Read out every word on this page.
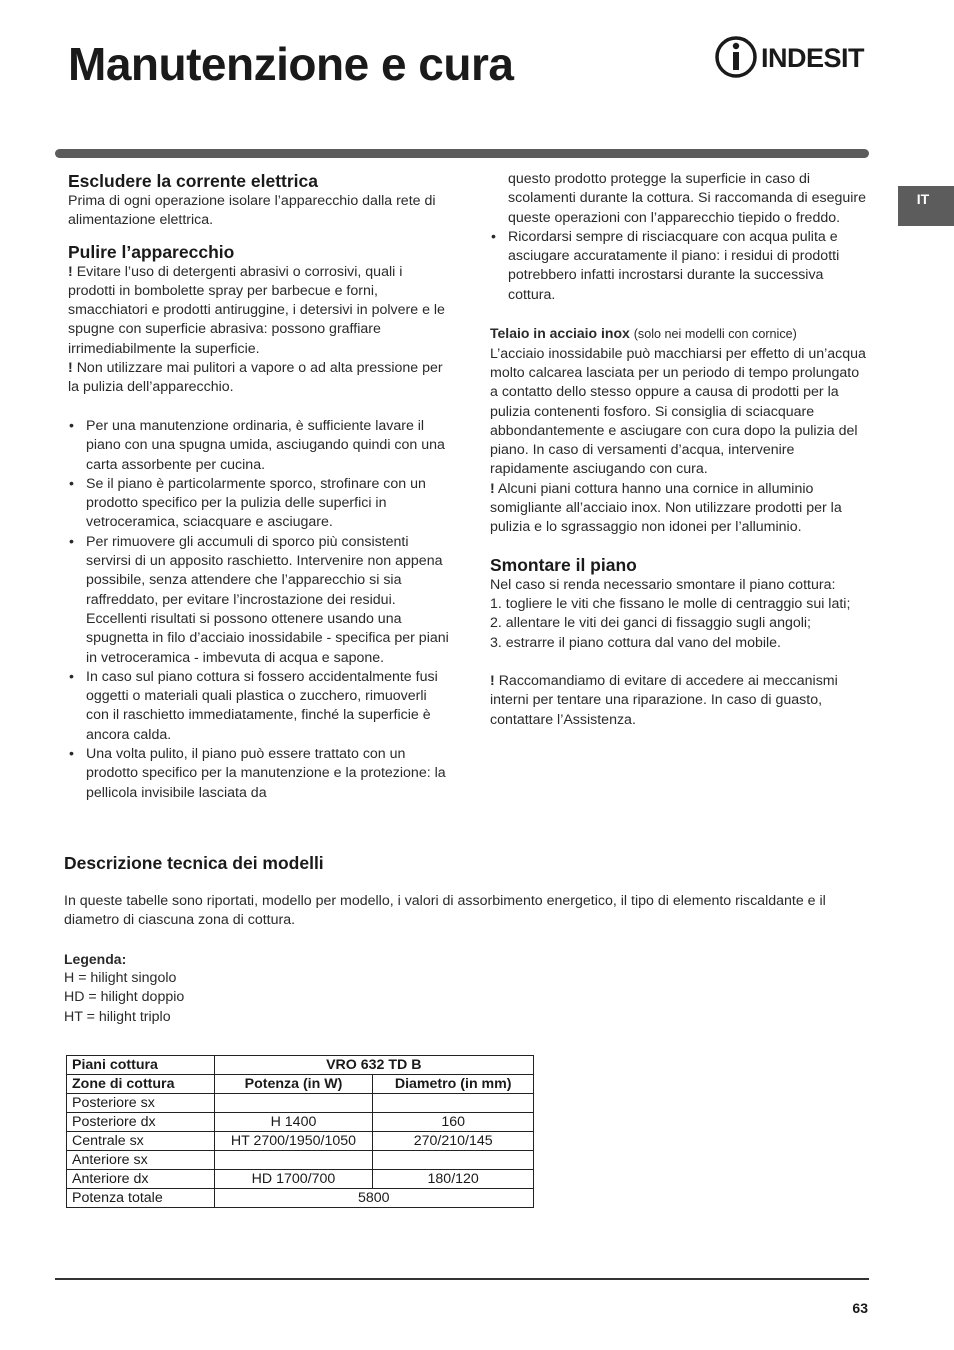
Manutenzione e cura	INDESIT
IT
Escludere la corrente elettrica

Prima di ogni operazione isolare l’apparecchio dalla rete di alimentazione elettrica.

Pulire l’apparecchio

! Evitare l’uso di detergenti abrasivi o corrosivi, quali i prodotti in bombolette spray per barbecue e forni, smacchiatori e prodotti antiruggine, i detersivi in polvere e le spugne con superficie abrasiva: possono graffiare irrimediabilmente la superficie.

! Non utilizzare mai pulitori a vapore o ad alta pressione per la pulizia dell’apparecchio.

• Per una manutenzione ordinaria, è sufficiente lavare il piano con una spugna umida, asciugando quindi con una carta assorbente per cucina.
• Se il piano è particolarmente sporco, strofinare con un prodotto specifico per la pulizia delle superfici in vetroceramica, sciacquare e asciugare.
• Per rimuovere gli accumuli di sporco più consistenti servirsi di un apposito raschietto. Intervenire non appena possibile, senza attendere che l’apparecchio si sia raffreddato, per evitare l’incrostazione dei residui. Eccellenti risultati si possono ottenere usando una spugnetta in filo d’acciaio inossidabile - specifica per piani in vetroceramica - imbevuta di acqua e sapone.
• In caso sul piano cottura si fossero accidentalmente fusi oggetti o materiali quali plastica o zucchero, rimuoverli con il raschietto immediatamente, finché la superficie è ancora calda.
• Una volta pulito, il piano può essere trattato con un prodotto specifico per la manutenzione e la protezione: la pellicola invisibile lasciata da

questo prodotto protegge la superficie in caso di scolamenti durante la cottura. Si raccomanda di eseguire queste operazioni con l’apparecchio tiepido o freddo.

• Ricordarsi sempre di risciacquare con acqua pulita e asciugare accuratamente il piano: i residui di prodotti potrebbero infatti incrostarsi durante la successiva cottura.

Telaio in acciaio inox (solo nei modelli con cornice)

L’acciaio inossidabile può macchiarsi per effetto di un’acqua molto calcarea lasciata per un periodo di tempo prolungato a contatto dello stesso oppure a causa di prodotti per la pulizia contenenti fosforo. Si consiglia di sciacquare abbondantemente e asciugare con cura dopo la pulizia del piano. In caso di versamenti d’acqua, intervenire rapidamente asciugando con cura.

! Alcuni piani cottura hanno una cornice in alluminio somigliante all’acciaio inox. Non utilizzare prodotti per la pulizia e lo sgrassaggio non idonei per l’alluminio.

Smontare il piano

Nel caso si renda necessario smontare il piano cottura:

1. togliere le viti che fissano le molle di centraggio sui lati;

2. allentare le viti dei ganci di fissaggio sugli angoli;

3. estrarre il piano cottura dal vano del mobile.

! Raccomandiamo di evitare di accedere ai meccanismi interni per tentare una riparazione. In caso di guasto, contattare l’Assistenza.

Descrizione tecnica dei modelli

In queste tabelle sono riportati, modello per modello, i valori di assorbimento energetico, il tipo di elemento riscaldante e il diametro di ciascuna zona di cottura.

Legenda:

H = hilight singolo

HD = hilight doppio

HT = hilight triplo

Piani cottura	VRO 632 TD B	
Zone di cottura	Potenza (in W)	Diametro (in mm)
Posteriore sx		
Posteriore dx	H 1400	160
Centrale sx	HT 2700/1950/1050	270/210/145
Anteriore sx		
Anteriore dx	HD 1700/700	180/120
Potenza totale	5800	
63
